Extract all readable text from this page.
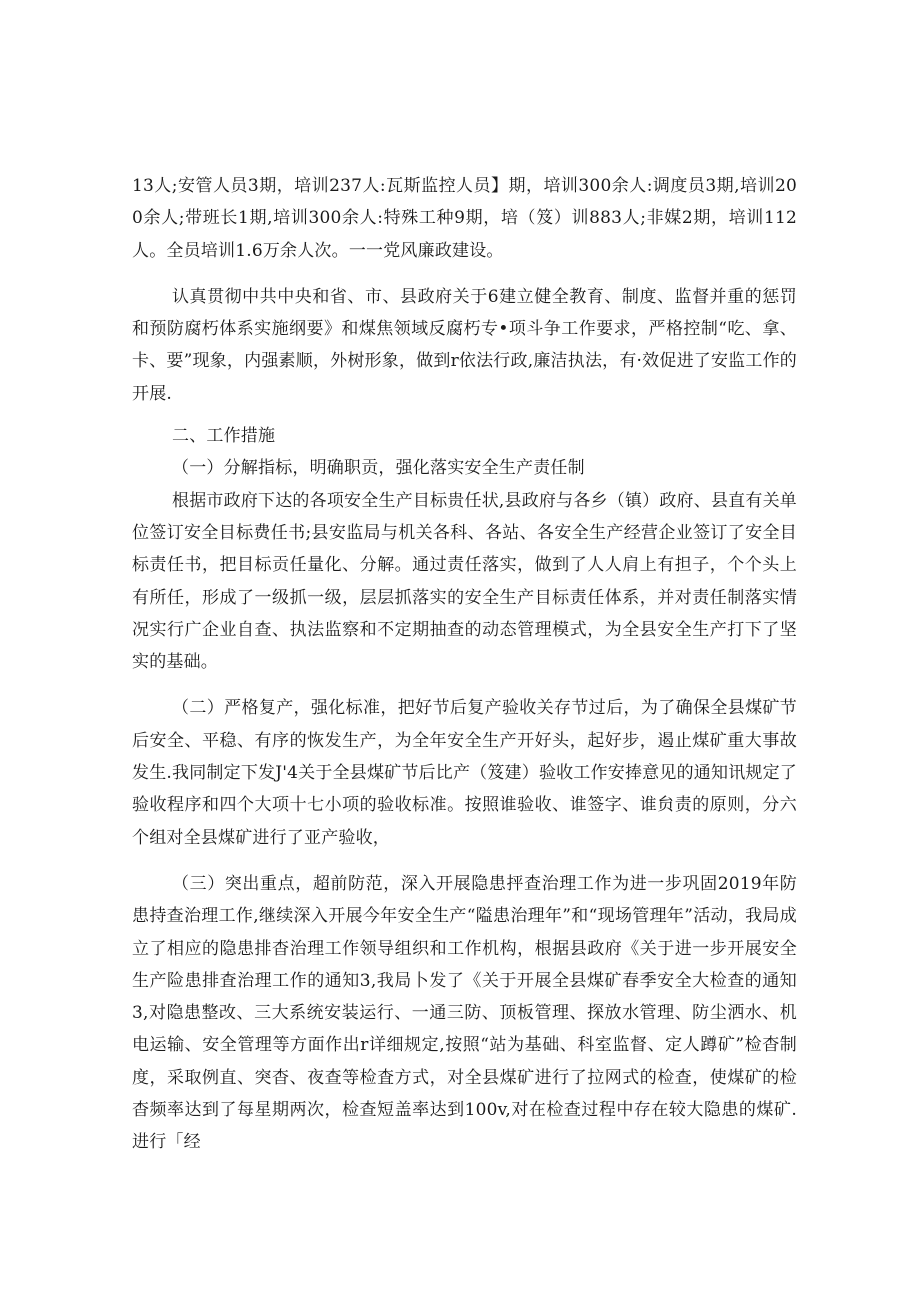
13人;安管人员3期，培训237人:瓦斯监控人员】期，培训300余人:调度员3期,培训200余人;带班长1期,培训300余人:特殊工种9期，培（笈）训883人;非媒2期，培训112人。全员培训1.6万余人次。一一党风廉政建设。

认真贯彻中共中央和省、市、县政府关于6建立健全教育、制度、监督并重的惩罚和预防腐朽体系实施纲要》和煤焦领域反腐朽专•项斗争工作要求，严格控制“吃、拿、卡、要”现象，内强素顺，外树形象，做到r依法行政,廉洁执法，有·效促进了安监工作的开展.

二、工作措施

（一）分解指标，明确职贡，强化落实安全生产责任制

根据市政府下达的各项安全生产目标贵任状,县政府与各乡（镇）政府、县直有关单位签订安全目标费任书;县安监局与机关各科、各站、各安全生产经营企业签订了安全目标责任书，把目标贡任量化、分解。通过责任落实，做到了人人肩上有担子，个个头上有所任，形成了一级抓一级，层层抓落实的安全生产目标责任体系，并对责任制落实情况实行广企业自查、执法监察和不定期抽查的动态管理模式，为全县安全生产打下了坚实的基础。

（二）严格复产，强化标准，把好节后复产验收关存节过后，为了确保全县煤矿节后安全、平稳、有序的恢发生产，为全年安全生产开好头，起好步，遏止煤矿重大事故发生.我同制定下发J'4关于全县煤矿节后比产（笈建）验收工作安捧意见的通知讯规定了验收程序和四个大项十七小项的验收标准。按照谁验收、谁签字、谁贠责的原则，分六个组对全县煤矿进行了亚产验收，

（三）突出重点，超前防范，深入开展隐患抨查治理工作为进一步巩固2019年防患持查治理工作,继续深入开展今年安全生产“隘患治理年”和“现场管理年”活动，我局成立了相应的隐患排杳治理工作领导组织和工作机构，根据县政府《关于进一步开展安全生产险患排査治理工作的通知3,我局卜发了《关于开展全县煤矿春季安全大检查的通知3,对隐患整改、三大系统安装运行、一通三防、顶板管理、探放水管理、防尘洒水、机电运输、安全管理等方面作出r详细规定,按照“站为基础、科室监督、定人蹲矿”检杳制度，采取例直、突杳、夜查等检査方式，对全县煤矿进行了拉网式的检查，使煤矿的检杳频率达到了每星期两次，检查短盖率达到100v,对在检查过程中存在较大隐患的煤矿.进行「经
